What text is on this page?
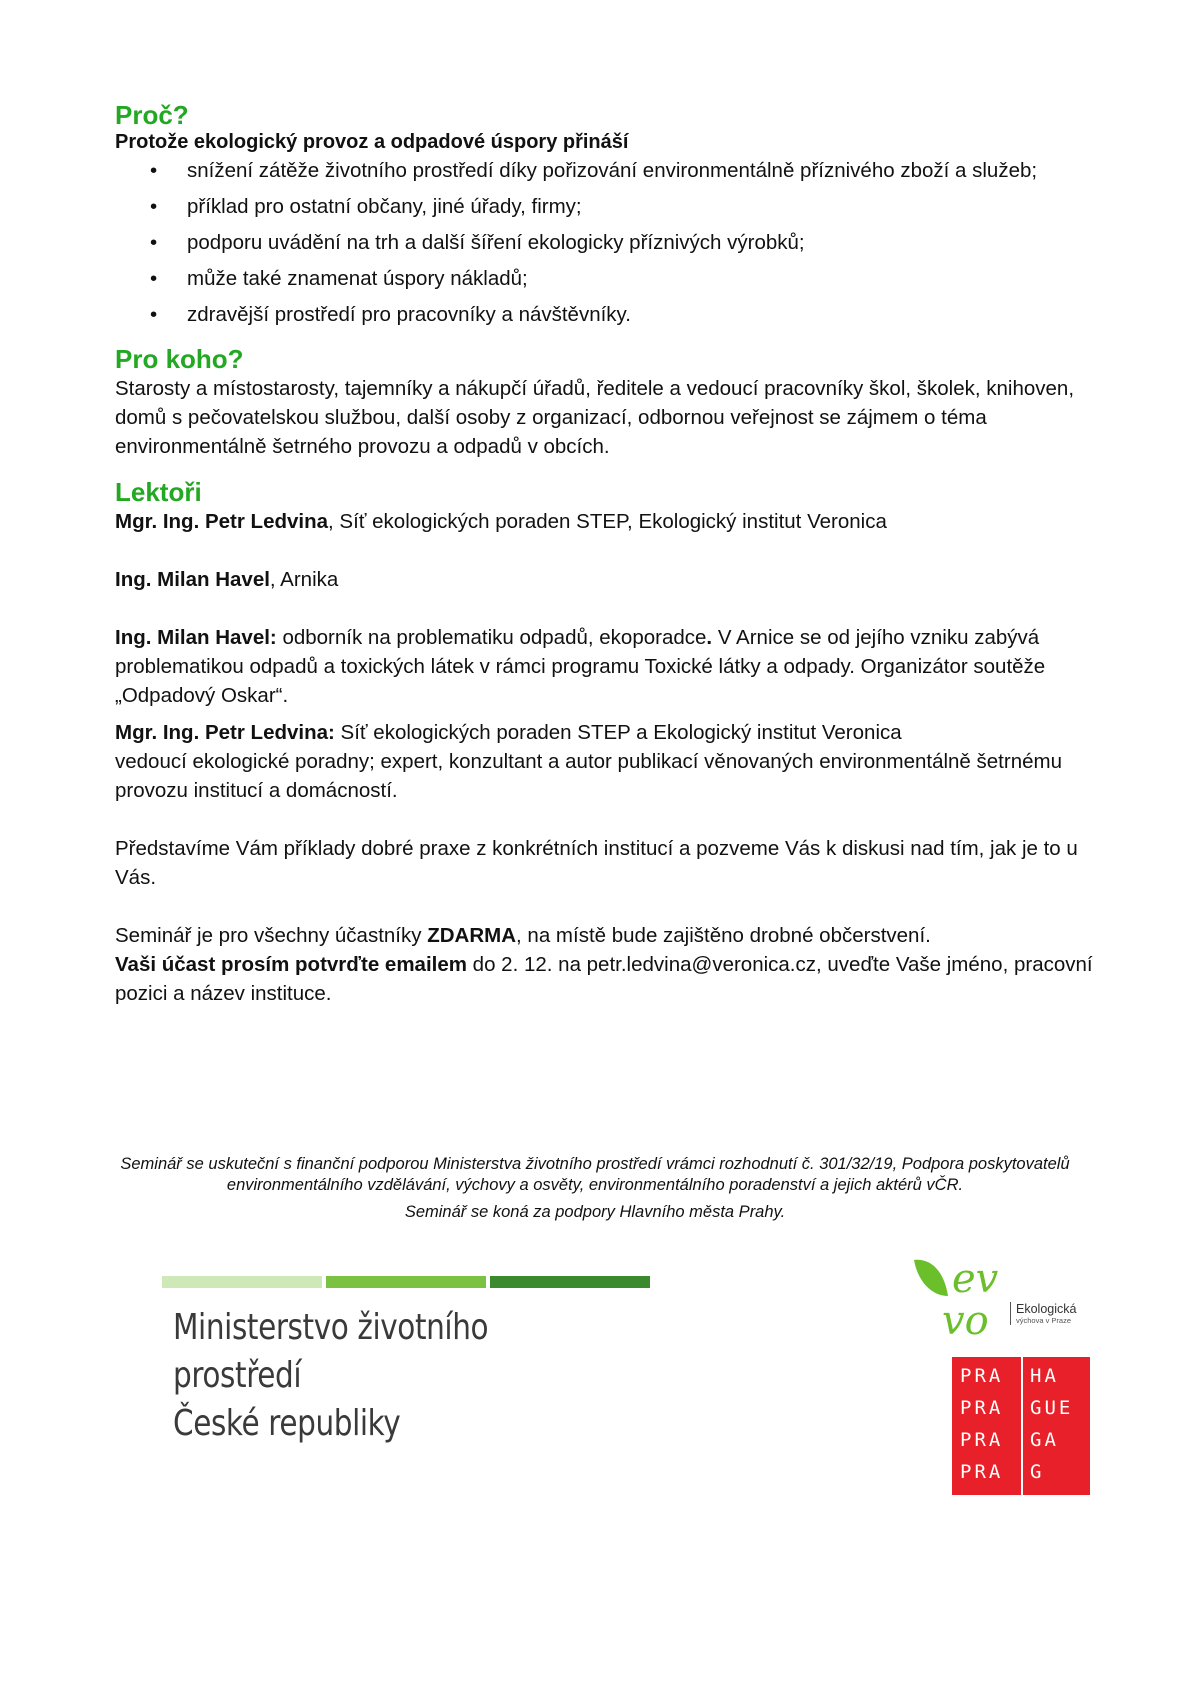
Proč?

Protože ekologický provoz a odpadové úspory přináší

• snížení zátěže životního prostředí díky pořizování environmentálně příznivého zboží a služeb;
• příklad pro ostatní občany, jiné úřady, firmy;
• podporu uvádění na trh a další šíření ekologicky příznivých výrobků;
• může také znamenat úspory nákladů;
• zdravější prostředí pro pracovníky a návštěvníky.
Pro koho?

Starosty a místostarosty, tajemníky a nákupčí úřadů, ředitele a vedoucí pracovníky škol, školek, knihoven, domů s pečovatelskou službou, další osoby z organizací, odbornou veřejnost se zájmem o téma environmentálně šetrného provozu a odpadů v obcích.

Lektoři

Mgr. Ing. Petr Ledvina, Síť ekologických poraden STEP, Ekologický institut Veronica

Ing. Milan Havel, Arnika

Ing. Milan Havel: odborník na problematiku odpadů, ekoporadce. V Arnice se od jejího vzniku zabývá problematikou odpadů a toxických látek v rámci programu Toxické látky a odpady. Organizátor soutěže „Odpadový Oskar“.

Mgr. Ing. Petr Ledvina: Síť ekologických poraden STEP a Ekologický institut Veronica
vedoucí ekologické poradny; expert, konzultant a autor publikací věnovaných environmentálně šetrnému provozu institucí a domácností.

Představíme Vám příklady dobré praxe z konkrétních institucí a pozveme Vás k diskusi nad tím, jak je to u Vás.

Seminář je pro všechny účastníky ZDARMA, na místě bude zajištěno drobné občerstvení.

Vaši účast prosím potvrďte emailem do 2. 12. na petr.ledvina@veronica.cz, uveďte Vaše jméno, pracovní pozici a název instituce.

Seminář se uskuteční s finanční podporou Ministerstva životního prostředí vrámci rozhodnutí č. 301/32/19, Podpora poskytovatelů environmentálního vzdělávání, výchovy a osvěty, environmentálního poradenství a jejich aktérů vČR.

Seminář se koná za podpory Hlavního města Prahy.

Ministerstvo životního prostředí
České republiky
ev
vo Ekologická
výchova v Praze
PRA HA
PRA GUE
PRA GA
PRA G
